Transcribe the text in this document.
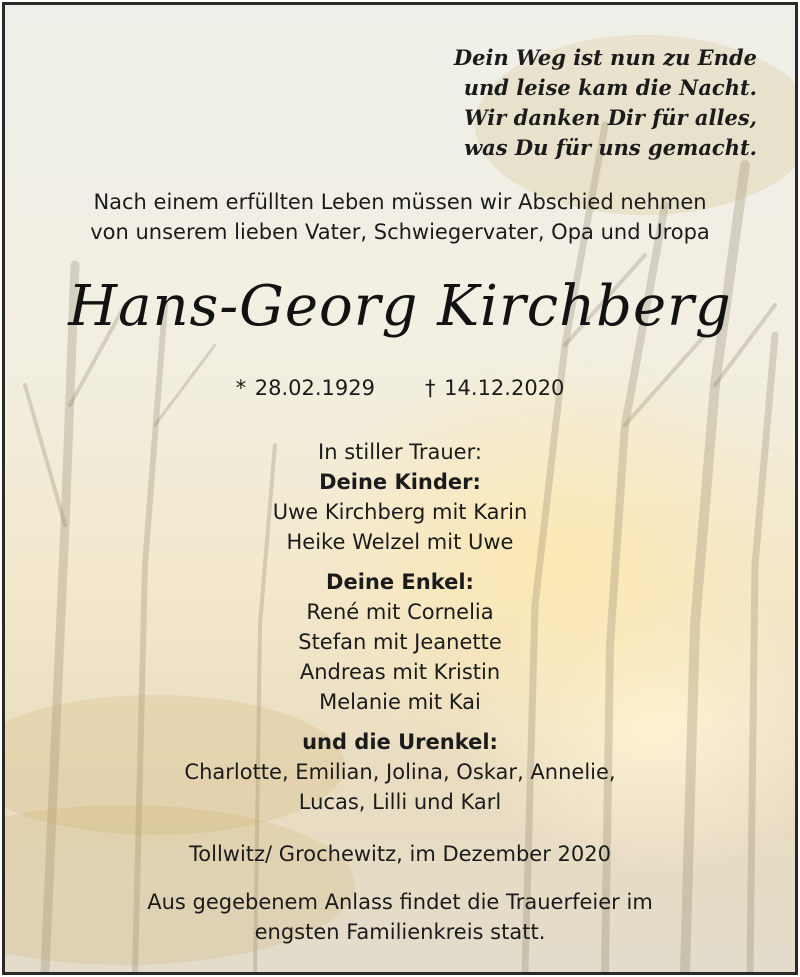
Dein Weg ist nun zu Ende
und leise kam die Nacht.
Wir danken Dir für alles,
was Du für uns gemacht.
Nach einem erfüllten Leben müssen wir Abschied nehmen
von unserem lieben Vater, Schwiegervater, Opa und Uropa
Hans-Georg Kirchberg
* 28.02.1929 † 14.12.2020
In stiller Trauer:
Deine Kinder:
Uwe Kirchberg mit Karin
Heike Welzel mit Uwe
Deine Enkel:
René mit Cornelia
Stefan mit Jeanette
Andreas mit Kristin
Melanie mit Kai
und die Urenkel:
Charlotte, Emilian, Jolina, Oskar, Annelie,
Lucas, Lilli und Karl
Tollwitz/ Grochewitz, im Dezember 2020
Aus gegebenem Anlass findet die Trauerfeier im
engsten Familienkreis statt.
